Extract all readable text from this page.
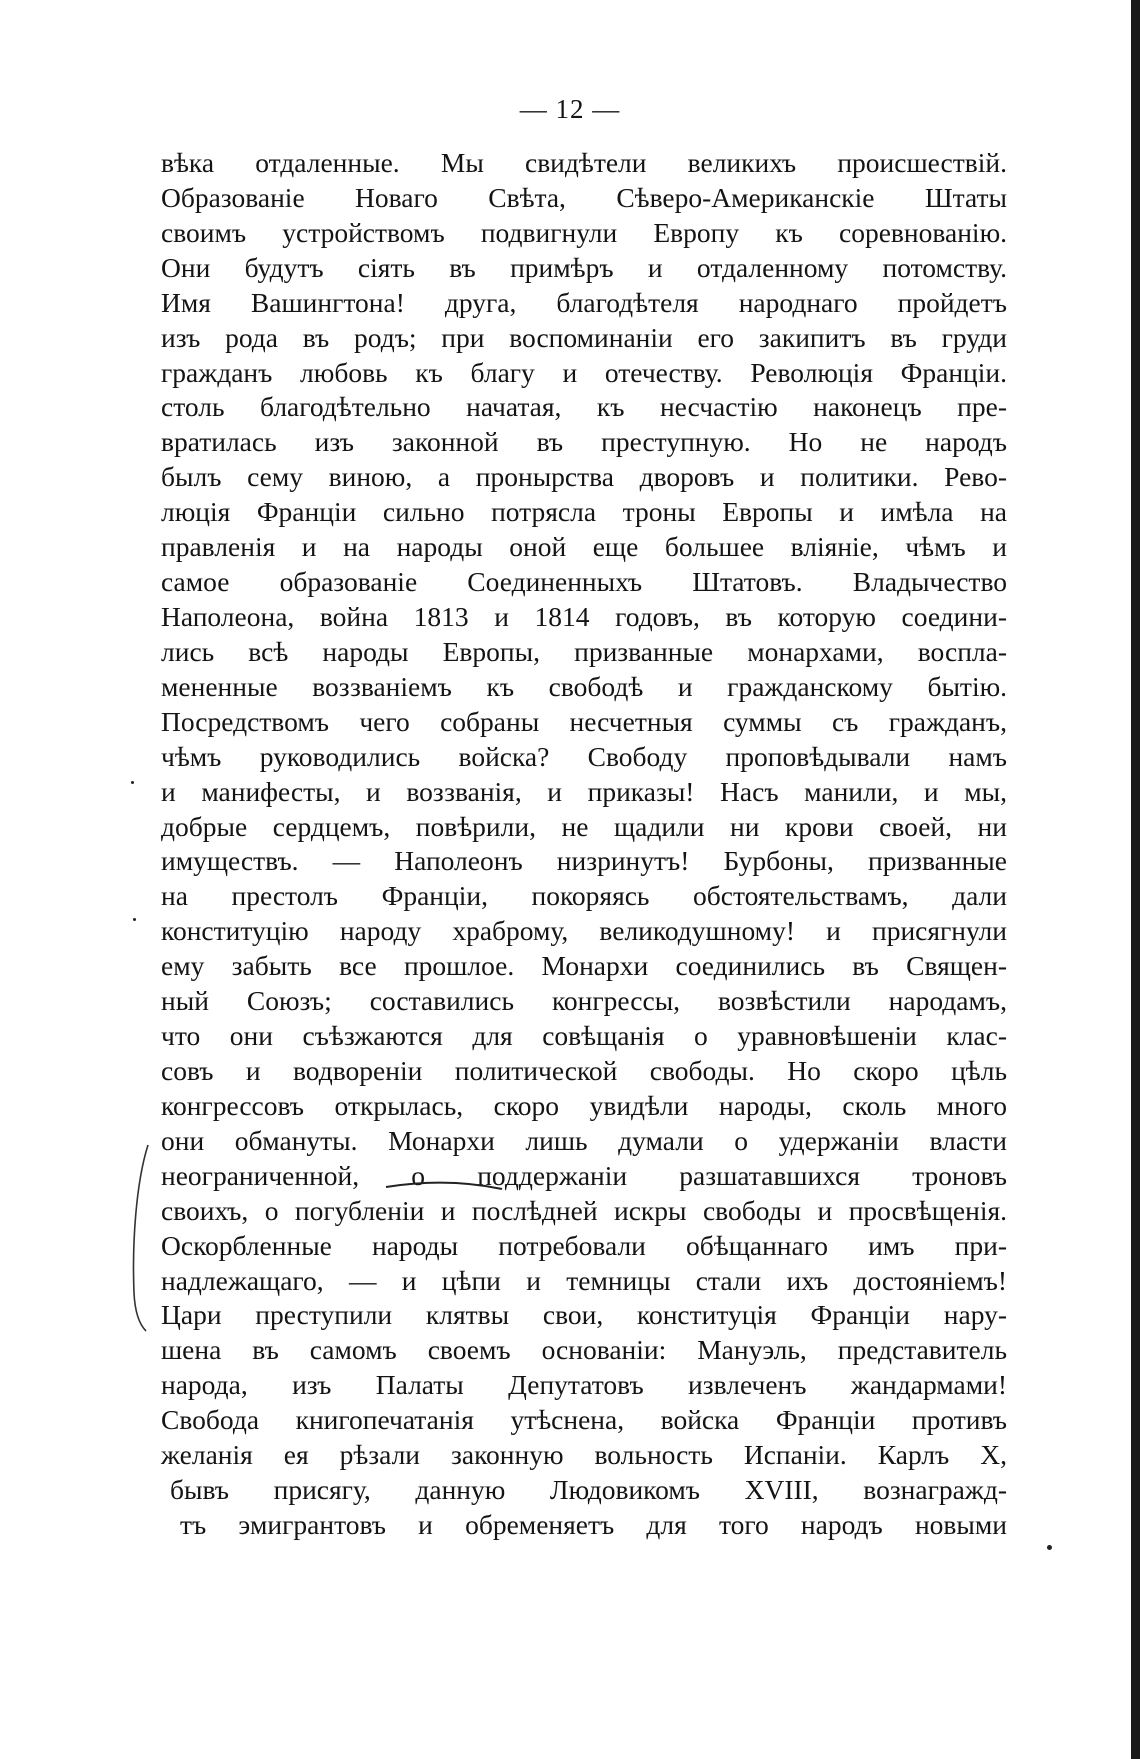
— 12 —
вѣка отдаленные. Мы свидѣтели великихъ происшествій.
Образованіе Новаго Свѣта, Сѣверо-Американскіе Штаты
своимъ устройствомъ подвигнули Европу къ соревнованію.
Они будутъ сіять въ примѣръ и отдаленному потомству.
Имя Вашингтона! друга, благодѣтеля народнаго пройдетъ
изъ рода въ родъ; при воспоминаніи его закипитъ въ груди
гражданъ любовь къ благу и отечеству. Революція Франціи.
столь благодѣтельно начатая, къ несчастію наконецъ пре-
вратилась изъ законной въ преступную. Но не народъ
былъ сему виною, а пронырства дворовъ и политики. Рево-
люція Франціи сильно потрясла троны Европы и имѣла на
правленія и на народы оной еще большее вліяніе, чѣмъ и
самое образованіе Соединенныхъ Штатовъ. Владычество
Наполеона, война 1813 и 1814 годовъ, въ которую соедини-
лись всѣ народы Европы, призванные монархами, воспла-
мененные воззваніемъ къ свободѣ и гражданскому бытію.
Посредствомъ чего собраны несчетныя суммы съ гражданъ,
чѣмъ руководились войска? Свободу проповѣдывали намъ
и манифесты, и воззванія, и приказы! Насъ манили, и мы,
добрые сердцемъ, повѣрили, не щадили ни крови своей, ни
имуществъ. — Наполеонъ низринутъ! Бурбоны, призванные
на престолъ Франціи, покоряясь обстоятельствамъ, дали
конституцію народу храброму, великодушному! и присягнули
ему забыть все прошлое. Монархи соединились въ Священ-
ный Союзъ; составились конгрессы, возвѣстили народамъ,
что они съѣзжаются для совѣщанія о уравновѣшеніи клас-
совъ и водвореніи политической свободы. Но скоро цѣль
конгрессовъ открылась, скоро увидѣли народы, сколь много
они обмануты. Монархи лишь думали о удержаніи власти
неограниченной, о поддержаніи разшатавшихся троновъ
своихъ, о погубленіи и послѣдней искры свободы и просвѣщенія.
Оскорбленные народы потребовали обѣщаннаго имъ при-
надлежащаго, — и цѣпи и темницы стали ихъ достояніемъ!
Цари преступили клятвы свои, конституція Франціи нару-
шена въ самомъ своемъ основаніи: Мануэль, представитель
народа, изъ Палаты Депутатовъ извлеченъ жандармами!
Свобода книгопечатанія утѣснена, войска Франціи противъ
желанія ея рѣзали законную вольность Испаніи. Карлъ X,
бывъ присягу, данную Людовикомъ XVIII, вознагражд-
тъ эмигрантовъ и обременяетъ для того народъ новыми
